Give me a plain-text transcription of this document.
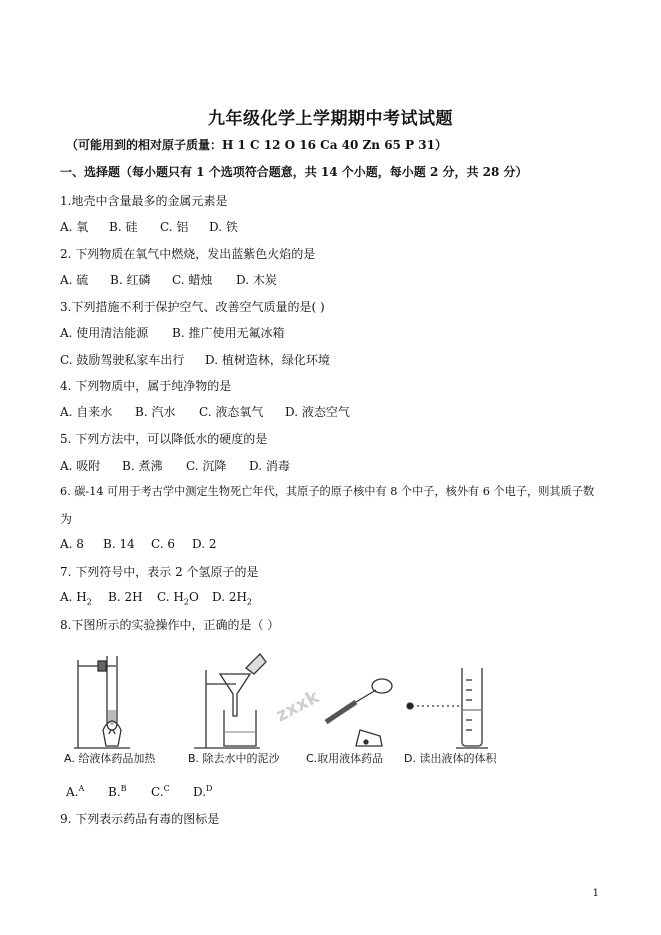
九年级化学上学期期中考试试题
（可能用到的相对原子质量：H 1 C 12 O 16 Ca 40 Zn 65 P 31）
一、选择题（每小题只有 1 个选项符合题意，共 14 个小题，每小题 2 分，共 28 分）
1.地壳中含量最多的金属元素是
A. 氧 B. 硅 C. 铝 D. 铁
2. 下列物质在氧气中燃烧，发出蓝紫色火焰的是
A. 硫 B. 红磷 C. 蜡烛 D. 木炭
3.下列措施不利于保护空气、改善空气质量的是( )
A. 使用清洁能源 B. 推广使用无氟冰箱
C. 鼓励驾驶私家车出行 D. 植树造林，绿化环境
4. 下列物质中，属于纯净物的是
A. 自来水 B. 汽水 C. 液态氧气 D. 液态空气
5. 下列方法中，可以降低水的硬度的是
A. 吸附 B. 煮沸 C. 沉降 D. 消毒
6. 碳-14 可用于考古学中测定生物死亡年代，其原子的原子核中有 8 个中子，核外有 6 个电子，则其质子数
为
A. 8 B. 14 C. 6 D. 2
7. 下列符号中，表示 2 个氢原子的是
A. $H_2$ B. 2H C. $H_2O$ D. $2H_2$
8.下图所示的实验操作中，正确的是（ ）
zxxk
A. 给液体药品加热	B. 除去水中的泥沙 C.取用液体药品 D. 读出液体的体积
A.$^A$ B.$^B$ C.$^C$ D.$^D$
9. 下列表示药品有毒的图标是
1
